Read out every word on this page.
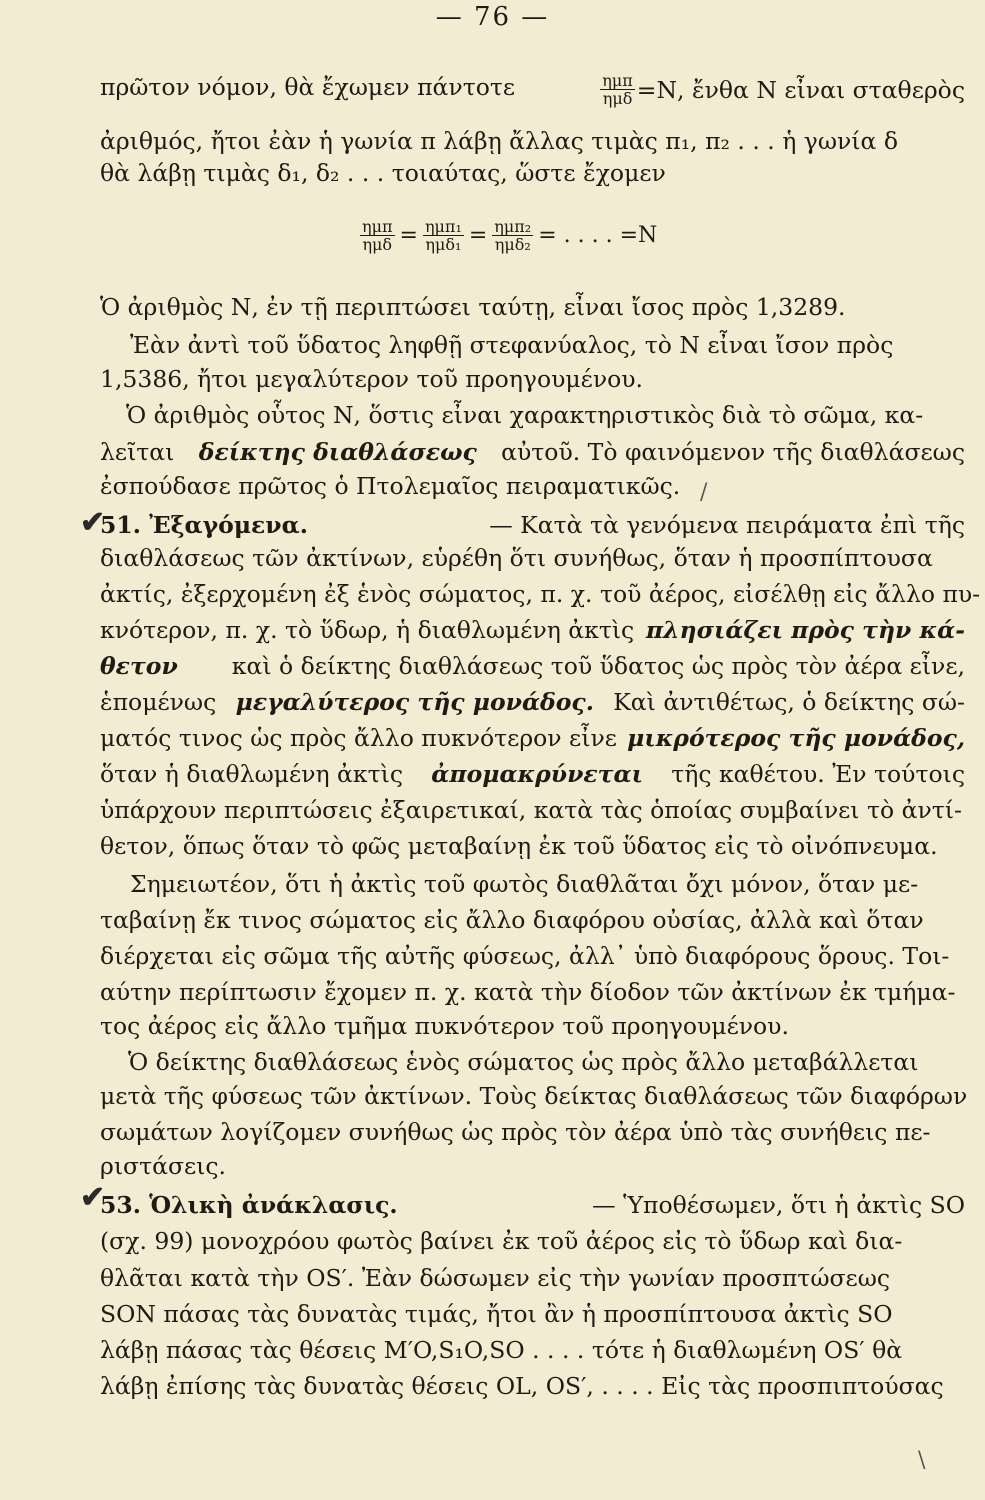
— 76 —
πρῶτον νόμον, θὰ ἔχωμεν πάντοτε	$\frac{\text{ημπ}}{\text{ημδ}} =N$, ἔνθα Ν εἶναι σταθερὸς
ἀριθμός, ἤτοι ἐὰν ἡ γωνία π λάβῃ ἄλλας τιμὰς π₁, π₂ . . . ἡ γωνία δ
θὰ λάβῃ τιμὰς δ₁, δ₂ . . . τοιαύτας, ὥστε ἔχομεν
$\frac{\text{ημπ}}{\text{ημδ}} = \frac{\text{ημπ₁}}{\text{ημδ₁}} = \frac{\text{ημπ₂}}{\text{ημδ₂}}$ = . . . . =Ν
Ὁ ἀριθμὸς Ν, ἐν τῇ περιπτώσει ταύτῃ, εἶναι ἴσος πρὸς 1,3289.
Ἐὰν ἀντὶ τοῦ ὕδατος ληφθῇ στεφανύαλος, τὸ Ν εἶναι ἴσον πρὸς
1,5386, ἤτοι μεγαλύτερον τοῦ προηγουμένου.
Ὁ ἀριθμὸς οὗτος Ν, ὅστις εἶναι χαρακτηριστικὸς διὰ τὸ σῶμα, κα-
λεῖται δείκτης διαθλάσεως αὐτοῦ. Τὸ φαινόμενον τῆς διαθλάσεως
ἐσπούδασε πρῶτος ὁ Πτολεμαῖος πειραματικῶς.
51. Ἐξαγόμενα.	— Κατὰ τὰ γενόμενα πειράματα ἐπὶ τῆς
διαθλάσεως τῶν ἀκτίνων, εὑρέθη ὅτι συνήθως, ὅταν ἡ προσπίπτουσα
ἀκτίς, ἐξερχομένη ἐξ ἑνὸς σώματος, π. χ. τοῦ ἀέρος, εἰσέλθῃ εἰς ἄλλο πυ-
κνότερον, π. χ. τὸ ὕδωρ, ἡ διαθλωμένη ἀκτὶς πλησιάζει πρὸς τὴν κά-
θετον καὶ ὁ δείκτης διαθλάσεως τοῦ ὕδατος ὡς πρὸς τὸν ἀέρα εἶνε,
ἑπομένως μεγαλύτερος τῆς μονάδος. Καὶ ἀντιθέτως, ὁ δείκτης σώ-
ματός τινος ὡς πρὸς ἄλλο πυκνότερον εἶνε μικρότερος τῆς μονάδος,
ὅταν ἡ διαθλωμένη ἀκτὶς ἀπομακρύνεται τῆς καθέτου. Ἐν τούτοις
ὑπάρχουν περιπτώσεις ἐξαιρετικαί, κατὰ τὰς ὁποίας συμβαίνει τὸ ἀντί-
θετον, ὅπως ὅταν τὸ φῶς μεταβαίνῃ ἐκ τοῦ ὕδατος εἰς τὸ οἰνόπνευμα.
Σημειωτέον, ὅτι ἡ ἀκτὶς τοῦ φωτὸς διαθλᾶται ὄχι μόνον, ὅταν με-
ταβαίνῃ ἔκ τινος σώματος εἰς ἄλλο διαφόρου οὐσίας, ἀλλὰ καὶ ὅταν
διέρχεται εἰς σῶμα τῆς αὐτῆς φύσεως, ἀλλ᾽ ὑπὸ διαφόρους ὅρους. Τοι-
αύτην περίπτωσιν ἔχομεν π. χ. κατὰ τὴν δίοδον τῶν ἀκτίνων ἐκ τμήμα-
τος ἀέρος εἰς ἄλλο τμῆμα πυκνότερον τοῦ προηγουμένου.
Ὁ δείκτης διαθλάσεως ἑνὸς σώματος ὡς πρὸς ἄλλο μεταβάλλεται
μετὰ τῆς φύσεως τῶν ἀκτίνων. Τοὺς δείκτας διαθλάσεως τῶν διαφόρων
σωμάτων λογίζομεν συνήθως ὡς πρὸς τὸν ἀέρα ὑπὸ τὰς συνήθεις πε-
ριστάσεις.
53. Ὁλικὴ ἀνάκλασις.	— Ὑποθέσωμεν, ὅτι ἡ ἀκτὶς SO
(σχ. 99) μονοχρόου φωτὸς βαίνει ἐκ τοῦ ἀέρος εἰς τὸ ὕδωρ καὶ δια-
θλᾶται κατὰ τὴν OS′. Ἐὰν δώσωμεν εἰς τὴν γωνίαν προσπτώσεως
SON πάσας τὰς δυνατὰς τιμάς, ἤτοι ἂν ἡ προσπίπτουσα ἀκτὶς SO
λάβῃ πάσας τὰς θέσεις M′O,S₁O,SO . . . . τότε ἡ διαθλωμένη OS′ θὰ
λάβῃ ἐπίσης τὰς δυνατὰς θέσεις OL, OS′, . . . . Εἰς τὰς προσπιπτούσας
✔
✔
/
\
